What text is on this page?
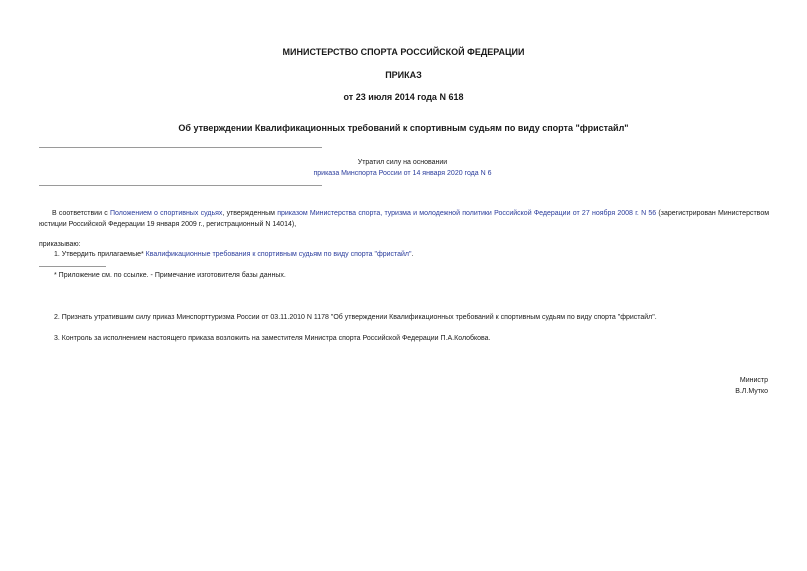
МИНИСТЕРСТВО СПОРТА РОССИЙСКОЙ ФЕДЕРАЦИИ
ПРИКАЗ
от 23 июля 2014 года N 618
Об утверждении Квалификационных требований к спортивным судьям по виду спорта "фристайл"
Утратил силу на основании
приказа Минспорта России от 14 января 2020 года N 6
В соответствии с Положением о спортивных судьях, утвержденным приказом Министерства спорта, туризма и молодежной политики Российской Федерации от 27 ноября 2008 г. N 56 (зарегистрирован Министерством юстиции Российской Федерации 19 января 2009 г., регистрационный N 14014),
приказываю:
1. Утвердить прилагаемые* Квалификационные требования к спортивным судьям по виду спорта "фристайл".
* Приложение см. по ссылке. - Примечание изготовителя базы данных.
2. Признать утратившим силу приказ Минспорттуризма России от 03.11.2010 N 1178 "Об утверждении Квалификационных требований к спортивным судьям по виду спорта "фристайл".
3. Контроль за исполнением настоящего приказа возложить на заместителя Министра спорта Российской Федерации П.А.Колобкова.
Министр
В.Л.Мутко
